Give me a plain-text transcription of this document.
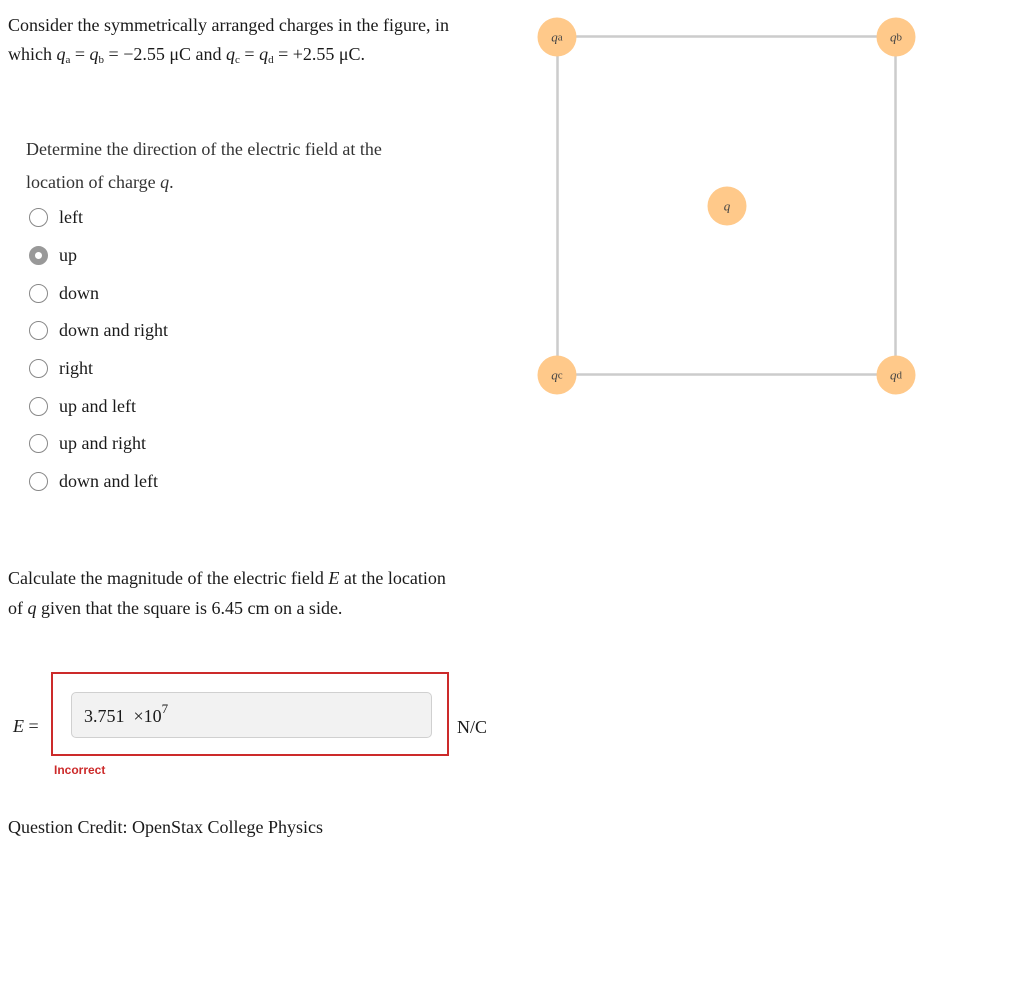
Consider the symmetrically arranged charges in the figure, in
which $q_a = q_b = -2.55$ μC and $q_c = q_d = +2.55$ μC.
Determine the direction of the electric field at the
location of charge q.
left
up
down
down and right
right
up and left
up and right
down and left
Calculate the magnitude of the electric field E at the location
of q given that the square is 6.45 cm on a side.
E =	$3.751 \times 10^7$
N/C
Incorrect
Question Credit: OpenStax College Physics
q a	q b
q c	q d
q
